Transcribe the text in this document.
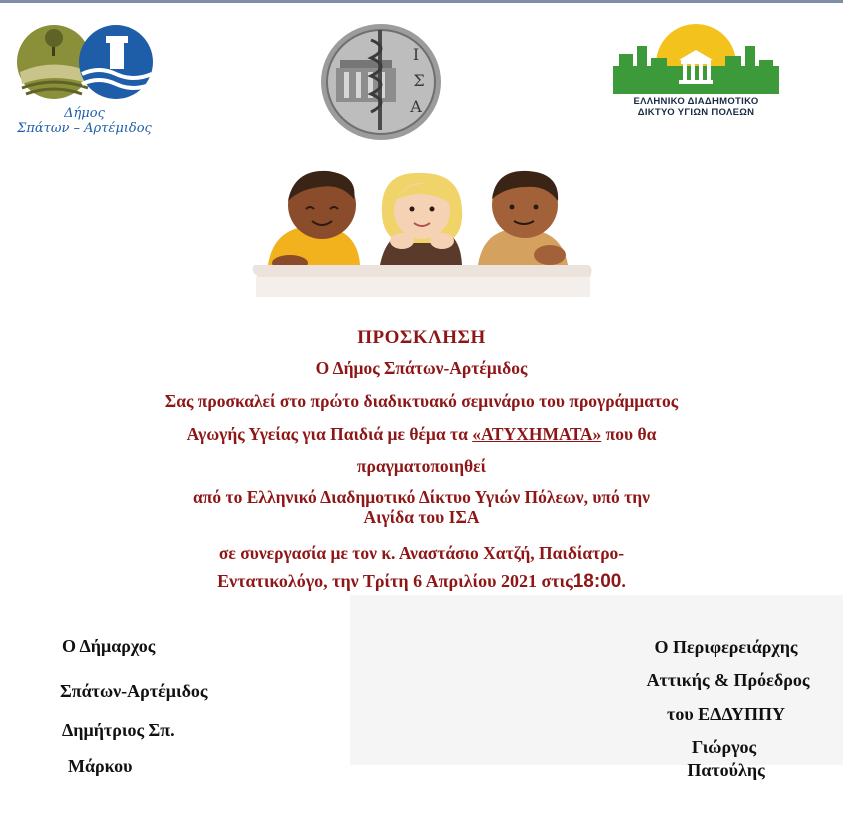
Δήμος
Σπάτων – Αρτέμιδος
Ι
Σ
Α	ΕΛΛΗΝΙΚΟ ΔΙΑΔΗΜΟΤΙΚΟ
ΔΙΚΤΥΟ ΥΓΙΩΝ ΠΟΛΕΩΝ
ΠΡΟΣΚΛΗΣΗ
Ο Δήμος Σπάτων-Αρτέμιδος
Σας προσκαλεί στο πρώτο διαδικτυακό σεμινάριο του προγράμματος
Αγωγής Υγείας για Παιδιά με θέμα τα «ΑΤΥΧΗΜΑΤΑ» που θα
πραγματοποιηθεί
από το Ελληνικό Διαδημοτικό Δίκτυο Υγιών Πόλεων, υπό την
Αιγίδα του ΙΣΑ
σε συνεργασία με τον κ. Αναστάσιο Χατζή, Παιδίατρο-
Εντατικολόγο, την Τρίτη 6 Απριλίου 2021 στις18:00.
Ο Δήμαρχος
Σπάτων-Αρτέμιδος
Δημήτριος Σπ.
Μάρκου
Ο Περιφερειάρχης
Αττικής & Πρόεδρος
του ΕΔΔΥΠΠΥ
Γιώργος
Πατούλης
